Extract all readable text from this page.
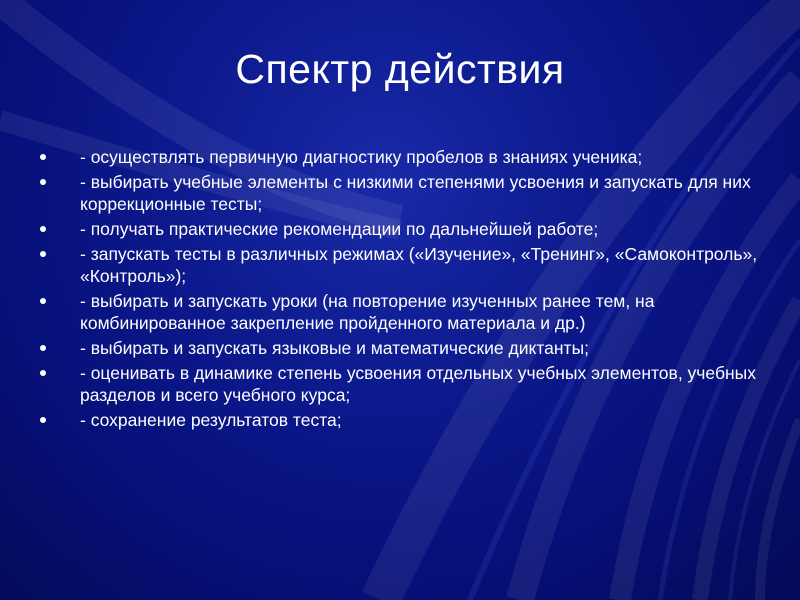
Спектр действия
- осуществлять первичную диагностику пробелов в знаниях ученика;
- выбирать учебные элементы с низкими степенями усвоения и запускать для них коррекционные тесты;
- получать практические рекомендации по дальнейшей работе;
- запускать тесты в различных режимах («Изучение», «Тренинг», «Самоконтроль», «Контроль»);
- выбирать и запускать уроки (на повторение изученных ранее тем, на комбинированное закрепление пройденного материала и др.)
- выбирать и запускать языковые и математические диктанты;
- оценивать в динамике степень усвоения отдельных учебных элементов, учебных разделов и всего учебного курса;
- сохранение результатов теста;
